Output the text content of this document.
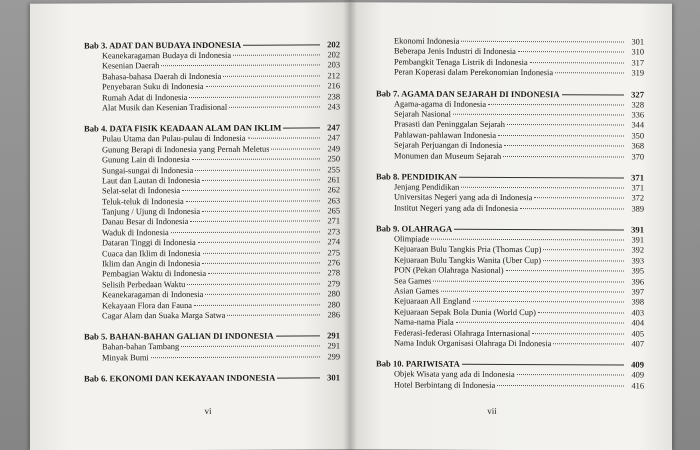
Bab 3. ADAT DAN BUDAYA INDONESIA	202
Keanekaragaman Budaya di Indonesia	202
Kesenian Daerah	203
Bahasa-bahasa Daerah di Indonesia	212
Penyebaran Suku di Indonesia	216
Rumah Adat di Indonesia	238
Alat Musik dan Kesenian Tradisional	243
Bab 4. DATA FISIK KEADAAN ALAM DAN IKLIM	247
Pulau Utama dan Pulau-pulau di Indonesia	247
Gunung Berapi di Indonesia yang Pernah Meletus	249
Gunung Lain di Indonesia	250
Sungai-sungai di Indonesia	255
Laut dan Lautan di Indonesia	261
Selat-selat di Indonesia	262
Teluk-teluk di Indonesia	263
Tanjung / Ujung di Indonesia	265
Danau Besar di Indonesia	271
Waduk di Indonesia	273
Dataran Tinggi di Indonesia	274
Cuaca dan Iklim di Indonesia	275
Iklim dan Angin di Indonesia	276
Pembagian Waktu di Indonesia	278
Selisih Perbedaan Waktu	279
Keanekaragaman di Indonesia	280
Kekayaan Flora dan Fauna	280
Cagar Alam dan Suaka Marga Satwa	286
Bab 5. BAHAN-BAHAN GALIAN DI INDONESIA	291
Bahan-bahan Tambang	291
Minyak Bumi	299
Bab 6. EKONOMI DAN KEKAYAAN INDONESIA	301
vi
Ekonomi Indonesia	301
Beberapa Jenis Industri di Indonesia	310
Pembangkit Tenaga Listrik di Indonesia	317
Peran Koperasi dalam Perekonomian Indonesia	319
Bab 7. AGAMA DAN SEJARAH DI INDONESIA	327
Agama-agama di Indonesia	328
Sejarah Nasional	336
Prasasti dan Peninggalan Sejarah	344
Pahlawan-pahlawan Indonesia	350
Sejarah Perjuangan di Indonesia	368
Monumen dan Museum Sejarah	370
Bab 8. PENDIDIKAN	371
Jenjang Pendidikan	371
Universitas Negeri yang ada di Indonesia	372
Institut Negeri yang ada di Indonesia	389
Bab 9. OLAHRAGA	391
Olimpiade	391
Kejuaraan Bulu Tangkis Pria (Thomas Cup)	392
Kejuaraan Bulu Tangkis Wanita (Uber Cup)	393
PON (Pekan Olahraga Nasional)	395
Sea Games	396
Asian Games	397
Kejuaraan All England	398
Kejuaraan Sepak Bola Dunia (World Cup)	403
Nama-nama Piala	404
Federasi-federasi Olahraga Internasional	405
Nama Induk Organisasi Olahraga Di Indonesia	407
Bab 10. PARIWISATA	409
Objek Wisata yang ada di Indonesia	409
Hotel Berbintang di Indonesia	416
vii
